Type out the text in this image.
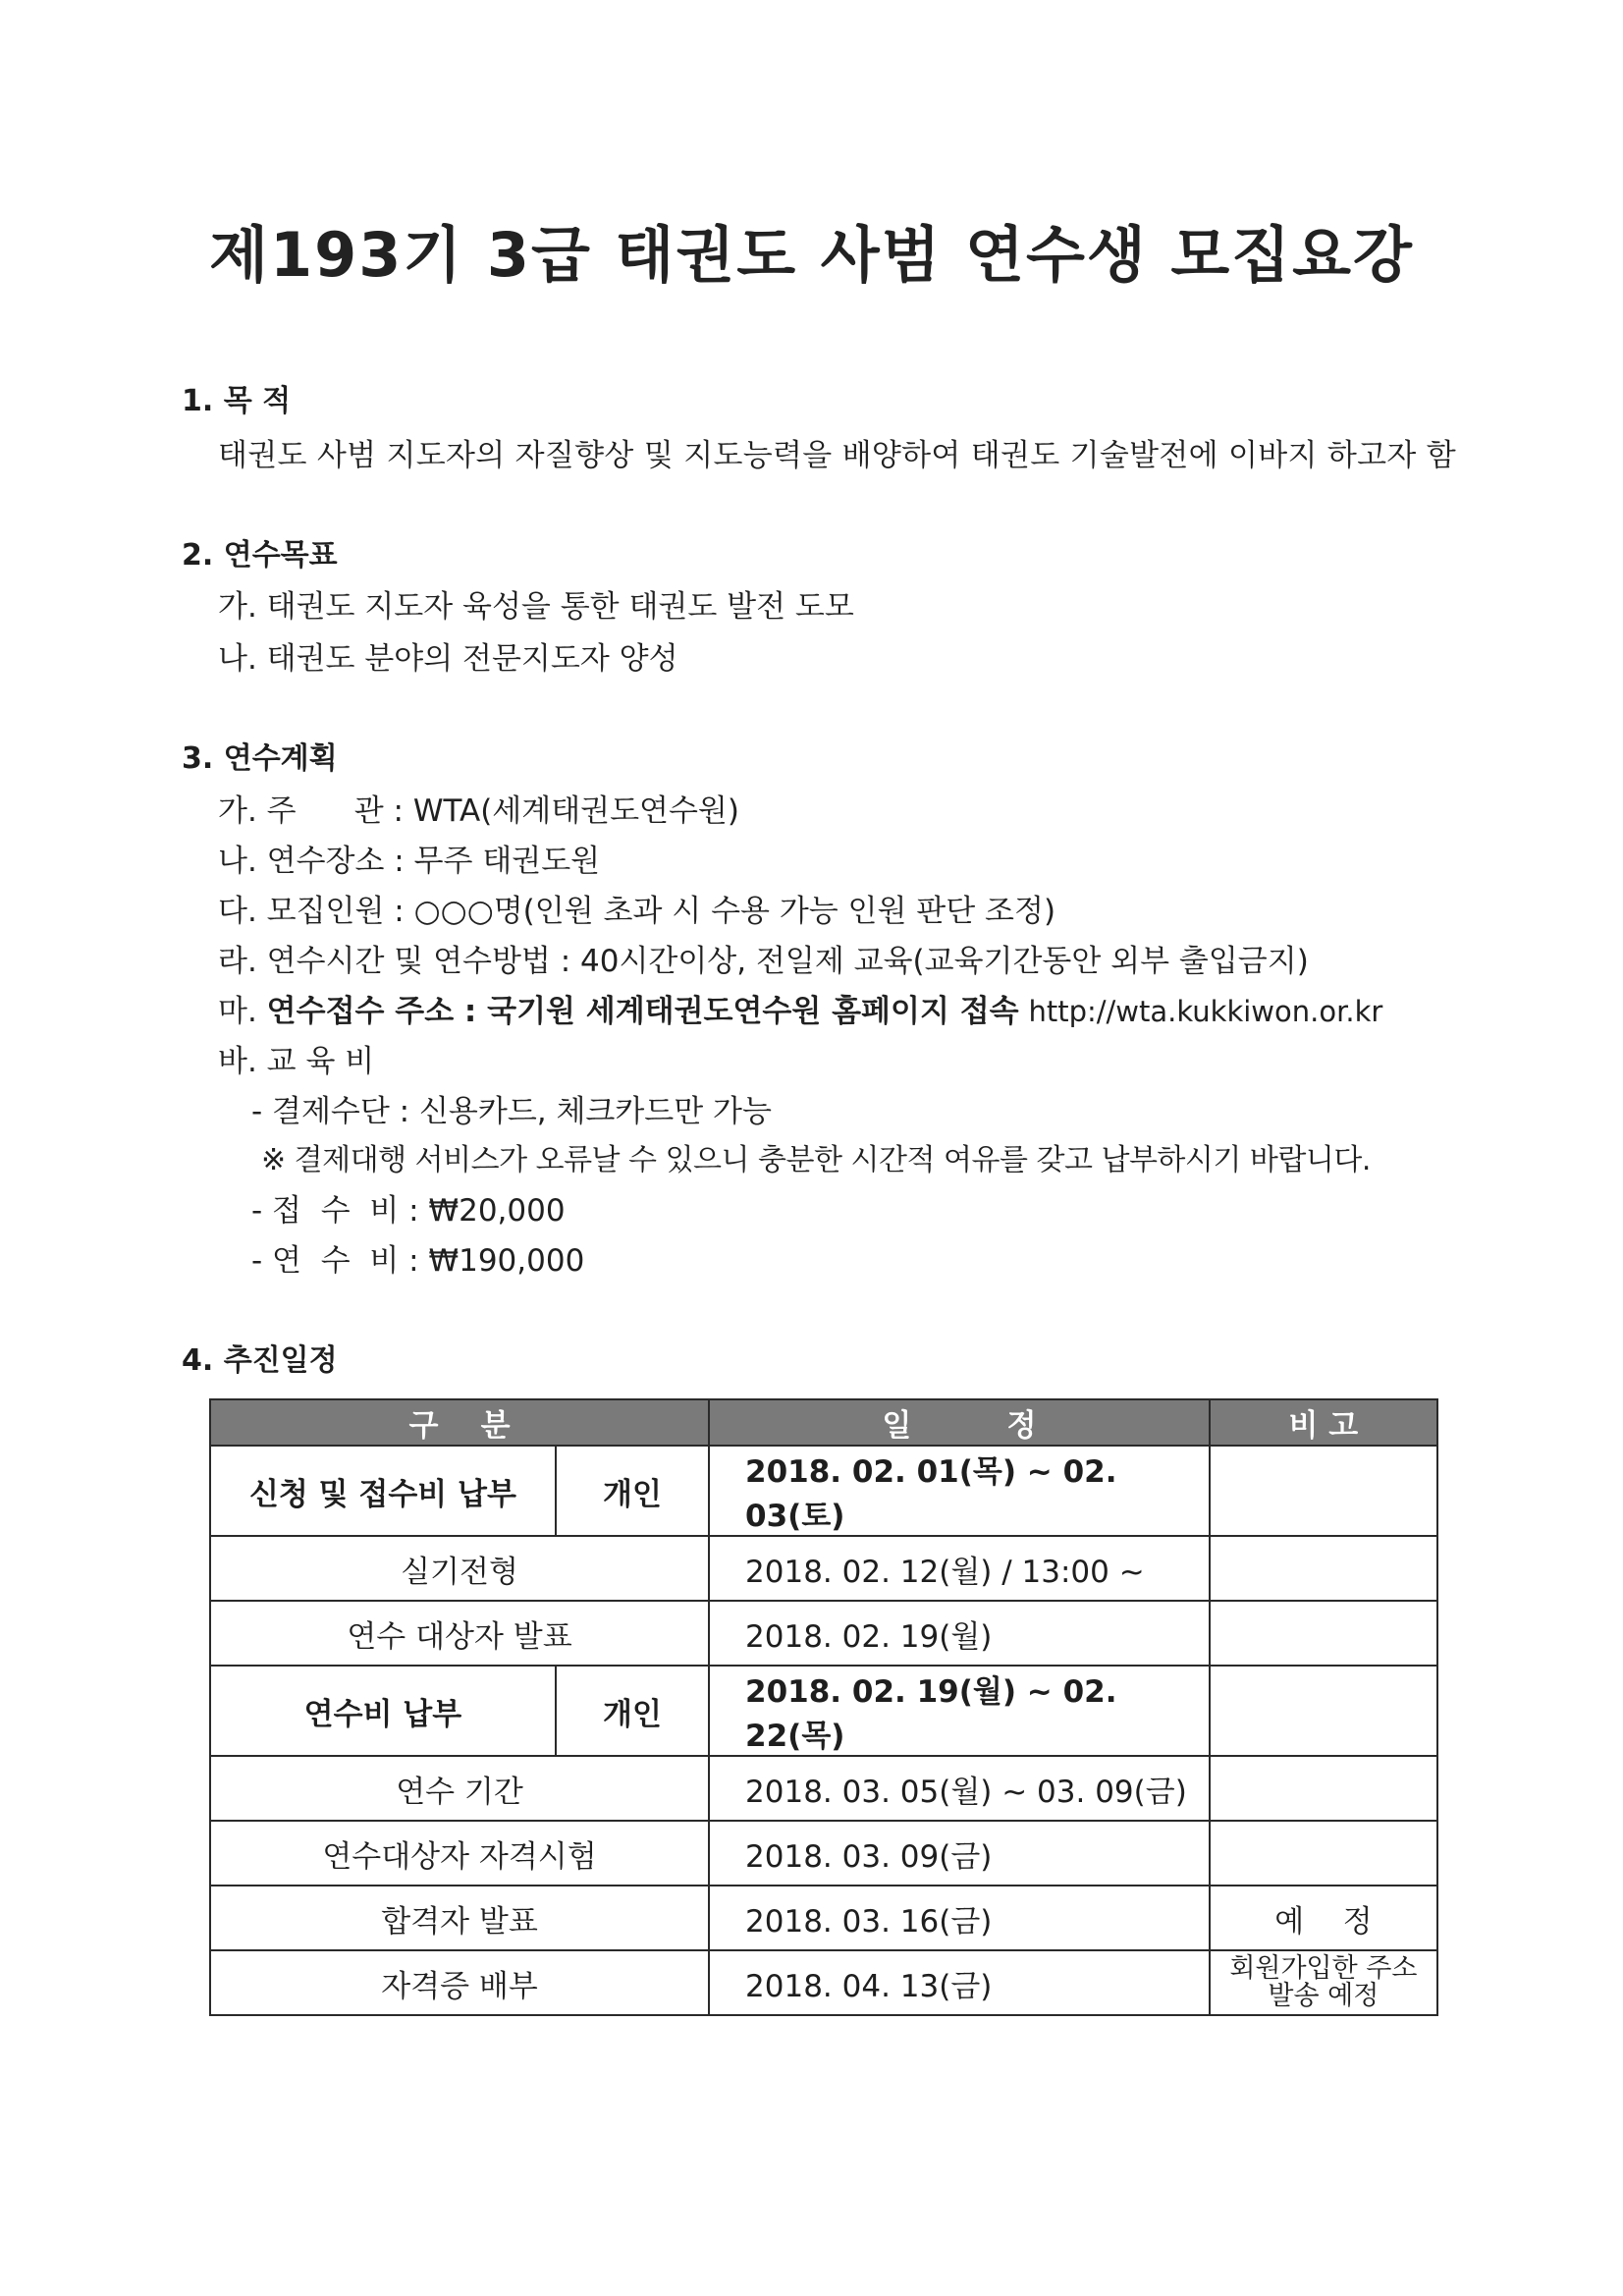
제193기 3급 태권도 사범 연수생 모집요강
1. 목 적
태권도 사범 지도자의 자질향상 및 지도능력을 배양하여 태권도 기술발전에 이바지 하고자 함
2. 연수목표
가. 태권도 지도자 육성을 통한 태권도 발전 도모
나. 태권도 분야의 전문지도자 양성
3. 연수계획
가. 주      관 : WTA(세계태권도연수원)
나. 연수장소 : 무주 태권도원
다. 모집인원 : ○○○명(인원 초과 시 수용 가능 인원 판단 조정)
라. 연수시간 및 연수방법 : 40시간이상, 전일제 교육(교육기간동안 외부 출입금지)
마. 연수접수 주소 : 국기원 세계태권도연수원 홈페이지 접속 http://wta.kukkiwon.or.kr
바. 교 육 비
- 결제수단 : 신용카드, 체크카드만 가능
※ 결제대행 서비스가 오류날 수 있으니 충분한 시간적 여유를 갖고 납부하시기 바랍니다.
- 접  수  비 : ₩20,000
- 연  수  비 : ₩190,000
4. 추진일정
구    분		일         정	비 고
신청 및 접수비 납부	개인	2018. 02. 01(목) ~ 02. 03(토)	
실기전형		2018. 02. 12(월) / 13:00 ~	
연수 대상자 발표		2018. 02. 19(월)	
연수비 납부	개인	2018. 02. 19(월) ~ 02. 22(목)	
연수 기간		2018. 03. 05(월) ~ 03. 09(금)	
연수대상자 자격시험		2018. 03. 09(금)	
합격자 발표		2018. 03. 16(금)	예    정
자격증 배부		2018. 04. 13(금)	회원가입한 주소
발송 예정
